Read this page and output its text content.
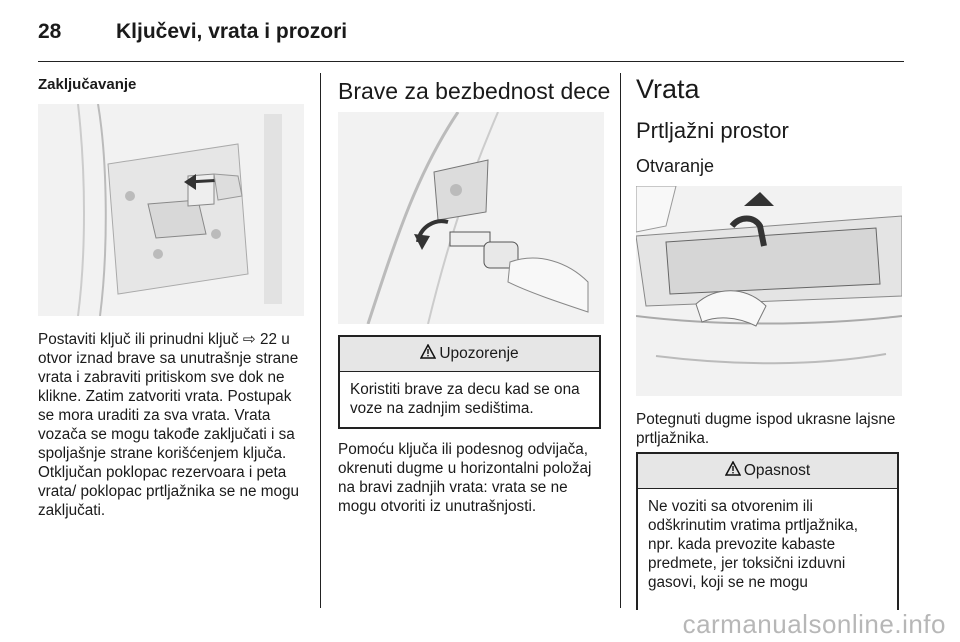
28	Ključevi, vrata i prozori
Zaključavanje
Postaviti ključ ili prinudni ključ ⇨ 22 u otvor iznad brave sa unutrašnje strane vrata i zabraviti pritiskom sve dok ne klikne. Zatim zatvoriti vrata. Postupak se mora uraditi za sva vrata. Vrata vozača se mogu takođe zaključati i sa spoljašnje strane korišćenjem ključa. Otključan poklopac rezervoara i peta vrata/ poklopac prtljažnika se ne mogu zaključati.
Brave za bezbednost dece
Upozorenje
Koristiti brave za decu kad se ona voze na zadnjim sedištima.
Pomoću ključa ili podesnog odvijača, okrenuti dugme u horizontalni položaj na bravi zadnjih vrata: vrata se ne mogu otvoriti iz unutrašnjosti.
Vrata
Prtljažni prostor
Otvaranje
Potegnuti dugme ispod ukrasne lajsne prtljažnika.
Opasnost
Ne voziti sa otvorenim ili odškrinutim vratima prtljažnika, npr. kada prevozite kabaste predmete, jer toksični izduvni gasovi, koji se ne mogu
carmanualsonline.info
